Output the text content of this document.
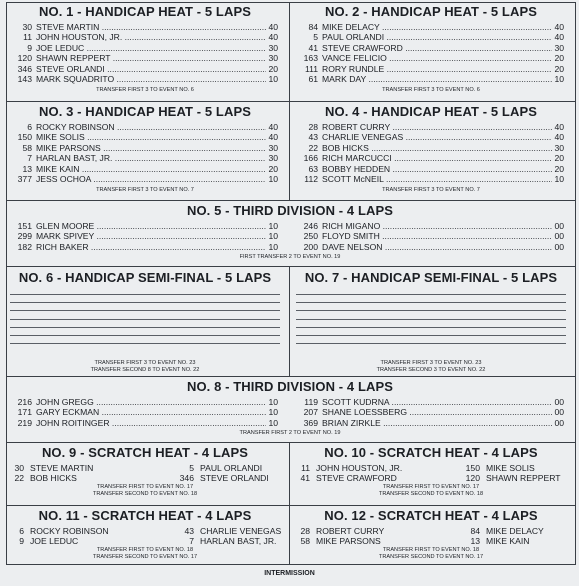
NO. 1 - HANDICAP HEAT - 5 LAPS
30 STEVE MARTIN .....	40
11 JOHN HOUSTON, JR. .....	40
9 JOE LEDUC .....	30
120 SHAWN REPPERT .....	30
346 STEVE ORLANDI .....	20
143 MARK SQUADRITO .....	10
TRANSFER FIRST 3 TO EVENT NO. 6
NO. 2 - HANDICAP HEAT - 5 LAPS
84 MIKE DELACY .....	40
5 PAUL ORLANDI .....	40
41 STEVE CRAWFORD .....	30
163 VANCE FELICIO .....	20
111 RORY RUNDLE .....	20
61 MARK DAY .....	10
TRANSFER FIRST 3 TO EVENT NO. 6
NO. 3 - HANDICAP HEAT - 5 LAPS
6 ROCKY ROBINSON .....	40
150 MIKE SOLIS .....	40
58 MIKE PARSONS .....	30
7 HARLAN BAST, JR. .....	30
13 MIKE KAIN .....	20
377 JESS OCHOA .....	10
TRANSFER FIRST 3 TO EVENT NO. 7
NO. 4 - HANDICAP HEAT - 5 LAPS
28 ROBERT CURRY .....	40
43 CHARLIE VENEGAS .....	40
22 BOB HICKS .....	30
166 RICH MARCUCCI .....	20
63 BOBBY HEDDEN .....	20
112 SCOTT McNEIL .....	10
TRANSFER FIRST 3 TO EVENT NO. 7
NO. 5 - THIRD DIVISION - 4 LAPS
151 GLEN MOORE .....	10
299 MARK SPIVEY .....	10
182 RICH BAKER .....	10
246 RICH MIGANO .....	00
250 FLOYD SMITH .....	00
200 DAVE NELSON .....	00
FIRST TRANSFER 2 TO EVENT NO. 19
NO. 6 - HANDICAP SEMI-FINAL - 5 LAPS
TRANSFER FIRST 3 TO EVENT NO. 23
TRANSFER SECOND 8 TO EVENT NO. 22
NO. 7 - HANDICAP SEMI-FINAL - 5 LAPS
TRANSFER FIRST 3 TO EVENT NO. 23
TRANSFER SECOND 3 TO EVENT NO. 22
NO. 8 - THIRD DIVISION - 4 LAPS
216 JOHN GREGG .....	10
171 GARY ECKMAN .....	10
219 JOHN ROITINGER .....	10
119 SCOTT KUDRNA .....	00
207 SHANE LOESSBERG .....	00
369 BRIAN ZIRKLE .....	00
TRANSFER FIRST 2 TO EVENT NO. 19
NO. 9 - SCRATCH HEAT - 4 LAPS
30 STEVE MARTIN	5 PAUL ORLANDI
22 BOB HICKS	346 STEVE ORLANDI
TRANSFER FIRST TO EVENT NO. 17
TRANSFER SECOND TO EVENT NO. 18
NO. 10 - SCRATCH HEAT - 4 LAPS
11 JOHN HOUSTON, JR.	150 MIKE SOLIS
41 STEVE CRAWFORD	120 SHAWN REPPERT
TRANSFER FIRST TO EVENT NO. 17
TRANSFER SECOND TO EVENT NO. 18
NO. 11 - SCRATCH HEAT - 4 LAPS
6 ROCKY ROBINSON	43 CHARLIE VENEGAS
9 JOE LEDUC	7 HARLAN BAST, JR.
TRANSFER FIRST TO EVENT NO. 18
TRANSFER SECOND TO EVENT NO. 17
NO. 12 - SCRATCH HEAT - 4 LAPS
28 ROBERT CURRY	84 MIKE DELACY
58 MIKE PARSONS	13 MIKE KAIN
TRANSFER FIRST TO EVENT NO. 18
TRANSFER SECOND TO EVENT NO. 17
INTERMISSION
